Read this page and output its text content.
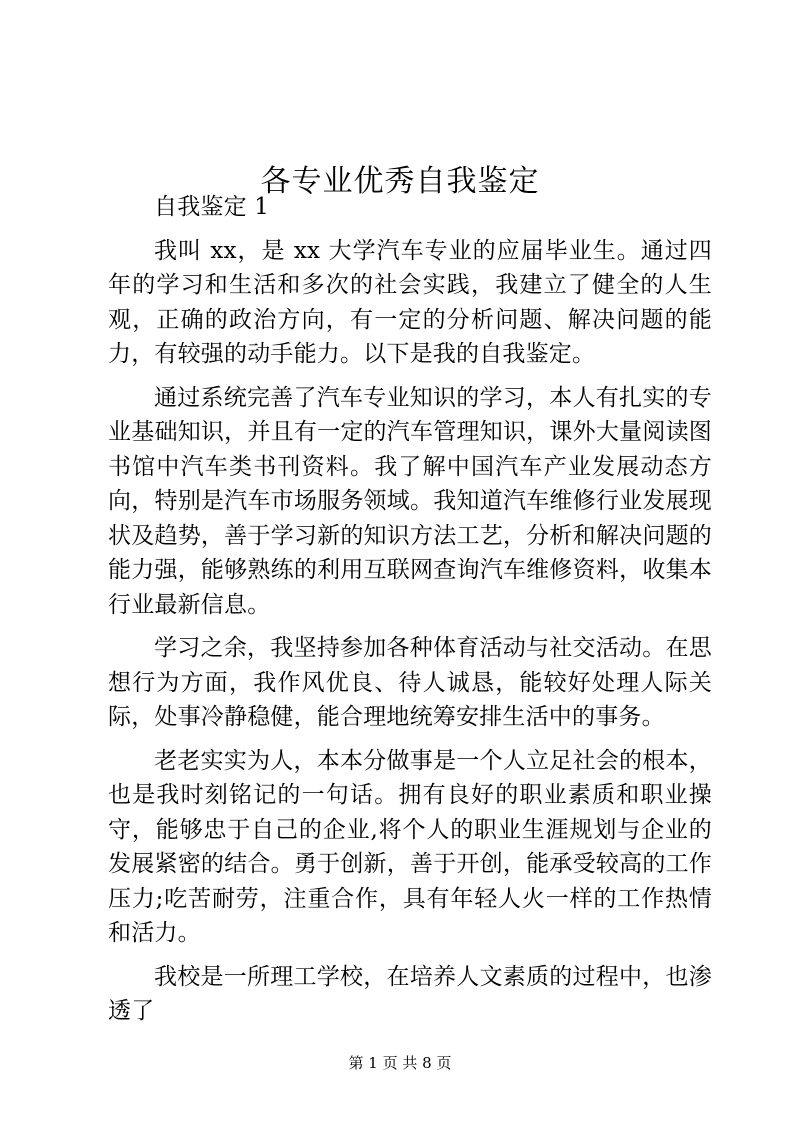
各专业优秀自我鉴定

自我鉴定 1

我叫 xx，是 xx 大学汽车专业的应届毕业生。通过四年的学习和生活和多次的社会实践，我建立了健全的人生观，正确的政治方向，有一定的分析问题、解决问题的能力，有较强的动手能力。以下是我的自我鉴定。

通过系统完善了汽车专业知识的学习，本人有扎实的专业基础知识，并且有一定的汽车管理知识，课外大量阅读图书馆中汽车类书刊资料。我了解中国汽车产业发展动态方向，特别是汽车市场服务领域。我知道汽车维修行业发展现状及趋势，善于学习新的知识方法工艺，分析和解决问题的能力强，能够熟练的利用互联网查询汽车维修资料，收集本行业最新信息。

学习之余，我坚持参加各种体育活动与社交活动。在思想行为方面，我作风优良、待人诚恳，能较好处理人际关际，处事冷静稳健，能合理地统筹安排生活中的事务。

老老实实为人，本本分做事是一个人立足社会的根本，也是我时刻铭记的一句话。拥有良好的职业素质和职业操守，能够忠于自己的企业,将个人的职业生涯规划与企业的发展紧密的结合。勇于创新，善于开创，能承受较高的工作压力;吃苦耐劳，注重合作，具有年轻人火一样的工作热情和活力。

我校是一所理工学校，在培养人文素质的过程中，也渗透了

第 1 页 共 8 页
